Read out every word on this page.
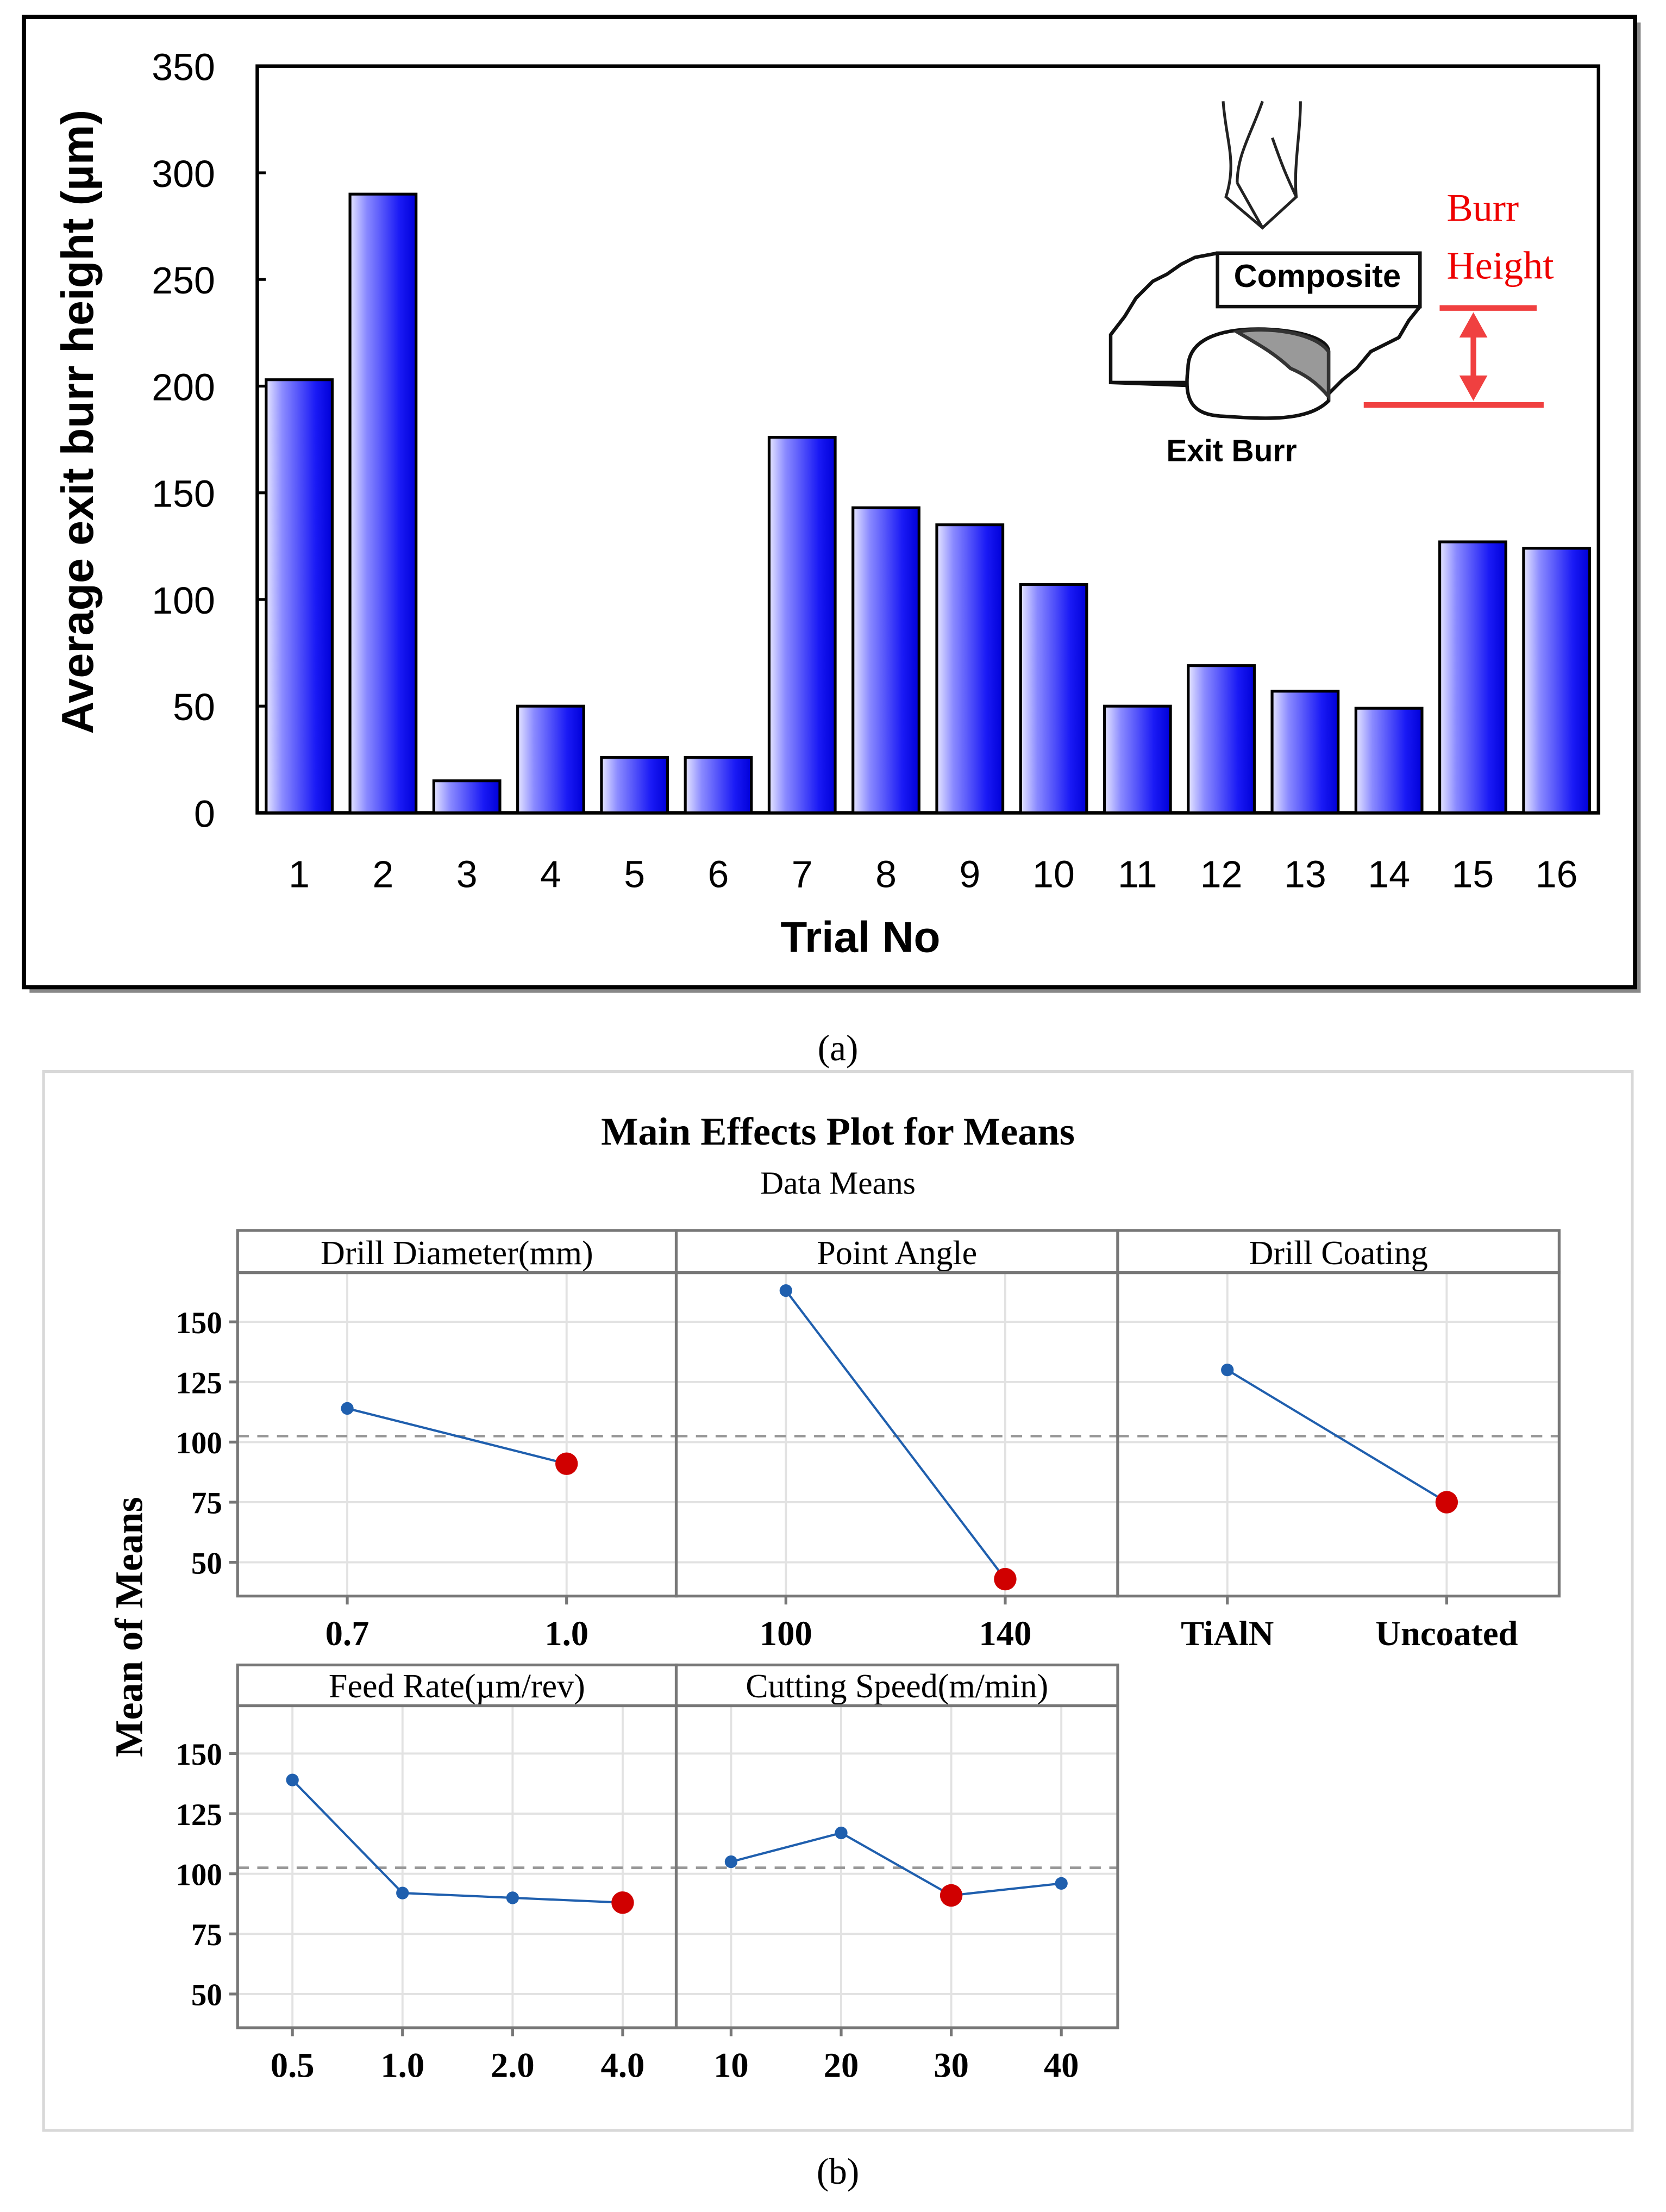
0
50
100
150
200
250
300
350
1	2	3	4	5	6	7	8	9	10	11	12	13	14	15	16
Trial No
Average exit burr height (µm)	Composite
Exit Burr
Burr
Height
(a)
Main Effects Plot for Means
Data Means
Mean of Means
Drill Diameter(mm)
0.7	1.0
50
75
100
125
150
Point Angle
100	140
Drill Coating
TiAlN	Uncoated
Feed Rate(µm/rev)
0.5	1.0	2.0	4.0
50
75
100
125
150
Cutting Speed(m/min)
10	20	30	40
(b)
